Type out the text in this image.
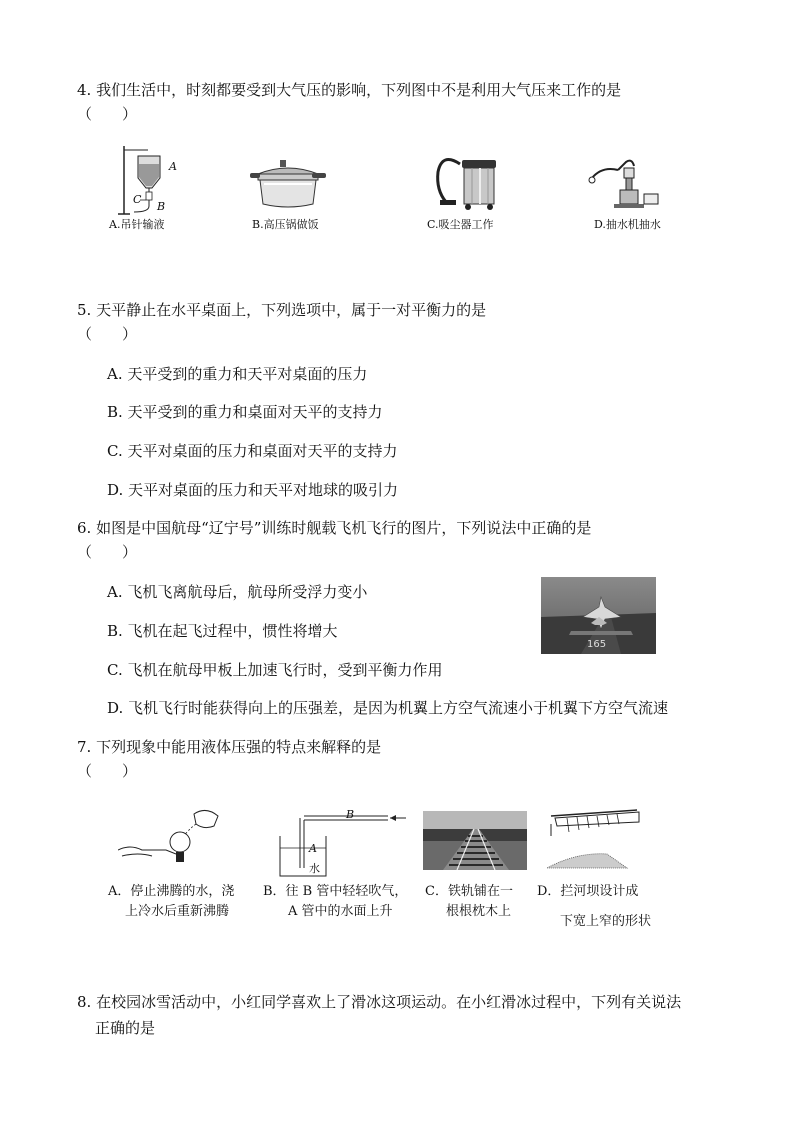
4. 我们生活中，时刻都要受到大气压的影响，下列图中不是利用大气压来工作的是
（　　）
A
B
C
A.吊针输液	B.高压锅做饭	C.吸尘器工作	D.抽水机抽水
5. 天平静止在水平桌面上，下列选项中，属于一对平衡力的是
（　　）
A. 天平受到的重力和天平对桌面的压力
B. 天平受到的重力和桌面对天平的支持力
C. 天平对桌面的压力和桌面对天平的支持力
D. 天平对桌面的压力和天平对地球的吸引力
6. 如图是中国航母“辽宁号”训练时舰载飞机飞行的图片，下列说法中正确的是
（　　）
A. 飞机飞离航母后，航母所受浮力变小
B. 飞机在起飞过程中，惯性将增大
C. 飞机在航母甲板上加速飞行时，受到平衡力作用
D. 飞机飞行时能获得向上的压强差，是因为机翼上方空气流速小于机翼下方空气流速
165
7. 下列现象中能用液体压强的特点来解释的是
（　　）
A．停止沸腾的水，浇
上冷水后重新沸腾
B
A
水
B．往 B 管中轻轻吹气，
A 管中的水面上升
C．铁轨铺在一
根根枕木上
D．拦河坝设计成
下宽上窄的形状
8. 在校园冰雪活动中，小红同学喜欢上了滑冰这项运动。在小红滑冰过程中，下列有关说法
正确的是
